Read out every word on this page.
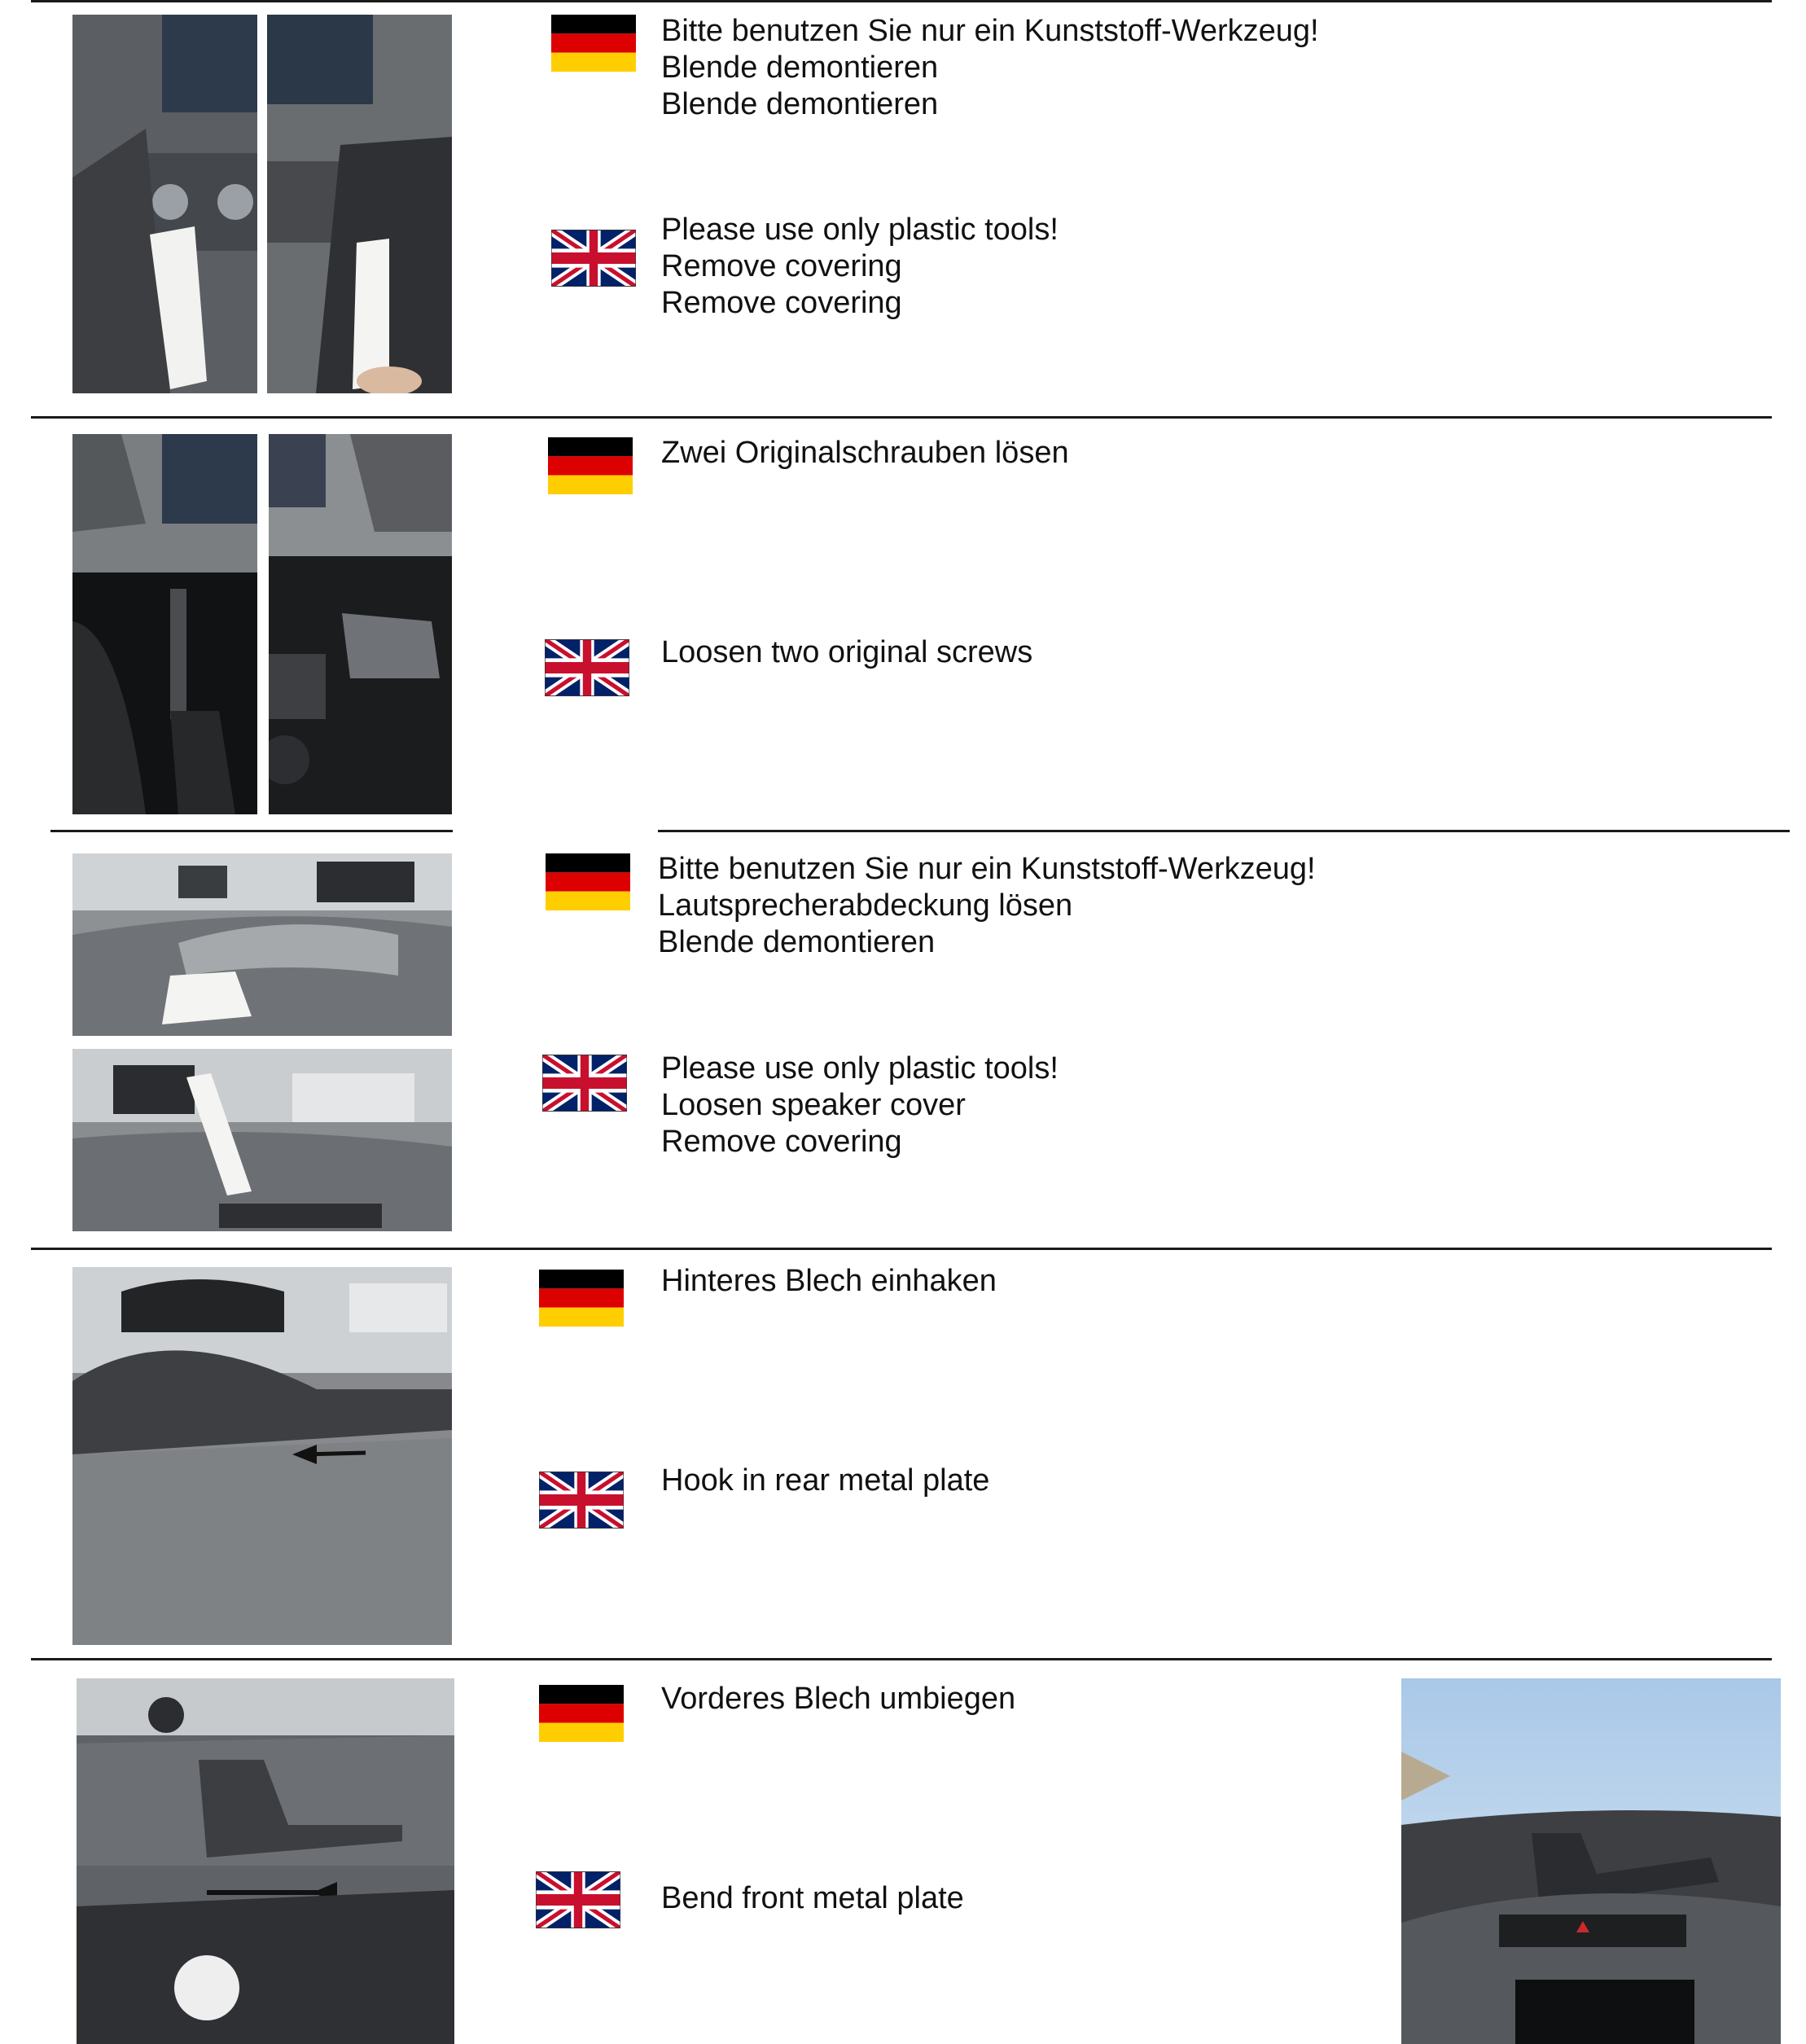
Bitte benutzen Sie nur ein Kunststoff-Werkzeug!
Blende demontieren
Blende demontieren
Please use only plastic tools!
Remove covering
Remove covering
Zwei Originalschrauben lösen
Loosen two original screws
Bitte benutzen Sie nur ein Kunststoff-Werkzeug!
Lautsprecherabdeckung lösen
Blende demontieren
Please use only plastic tools!
Loosen speaker cover
Remove covering
Hinteres Blech einhaken
Hook in rear metal plate
Vorderes Blech umbiegen
Bend front metal plate
